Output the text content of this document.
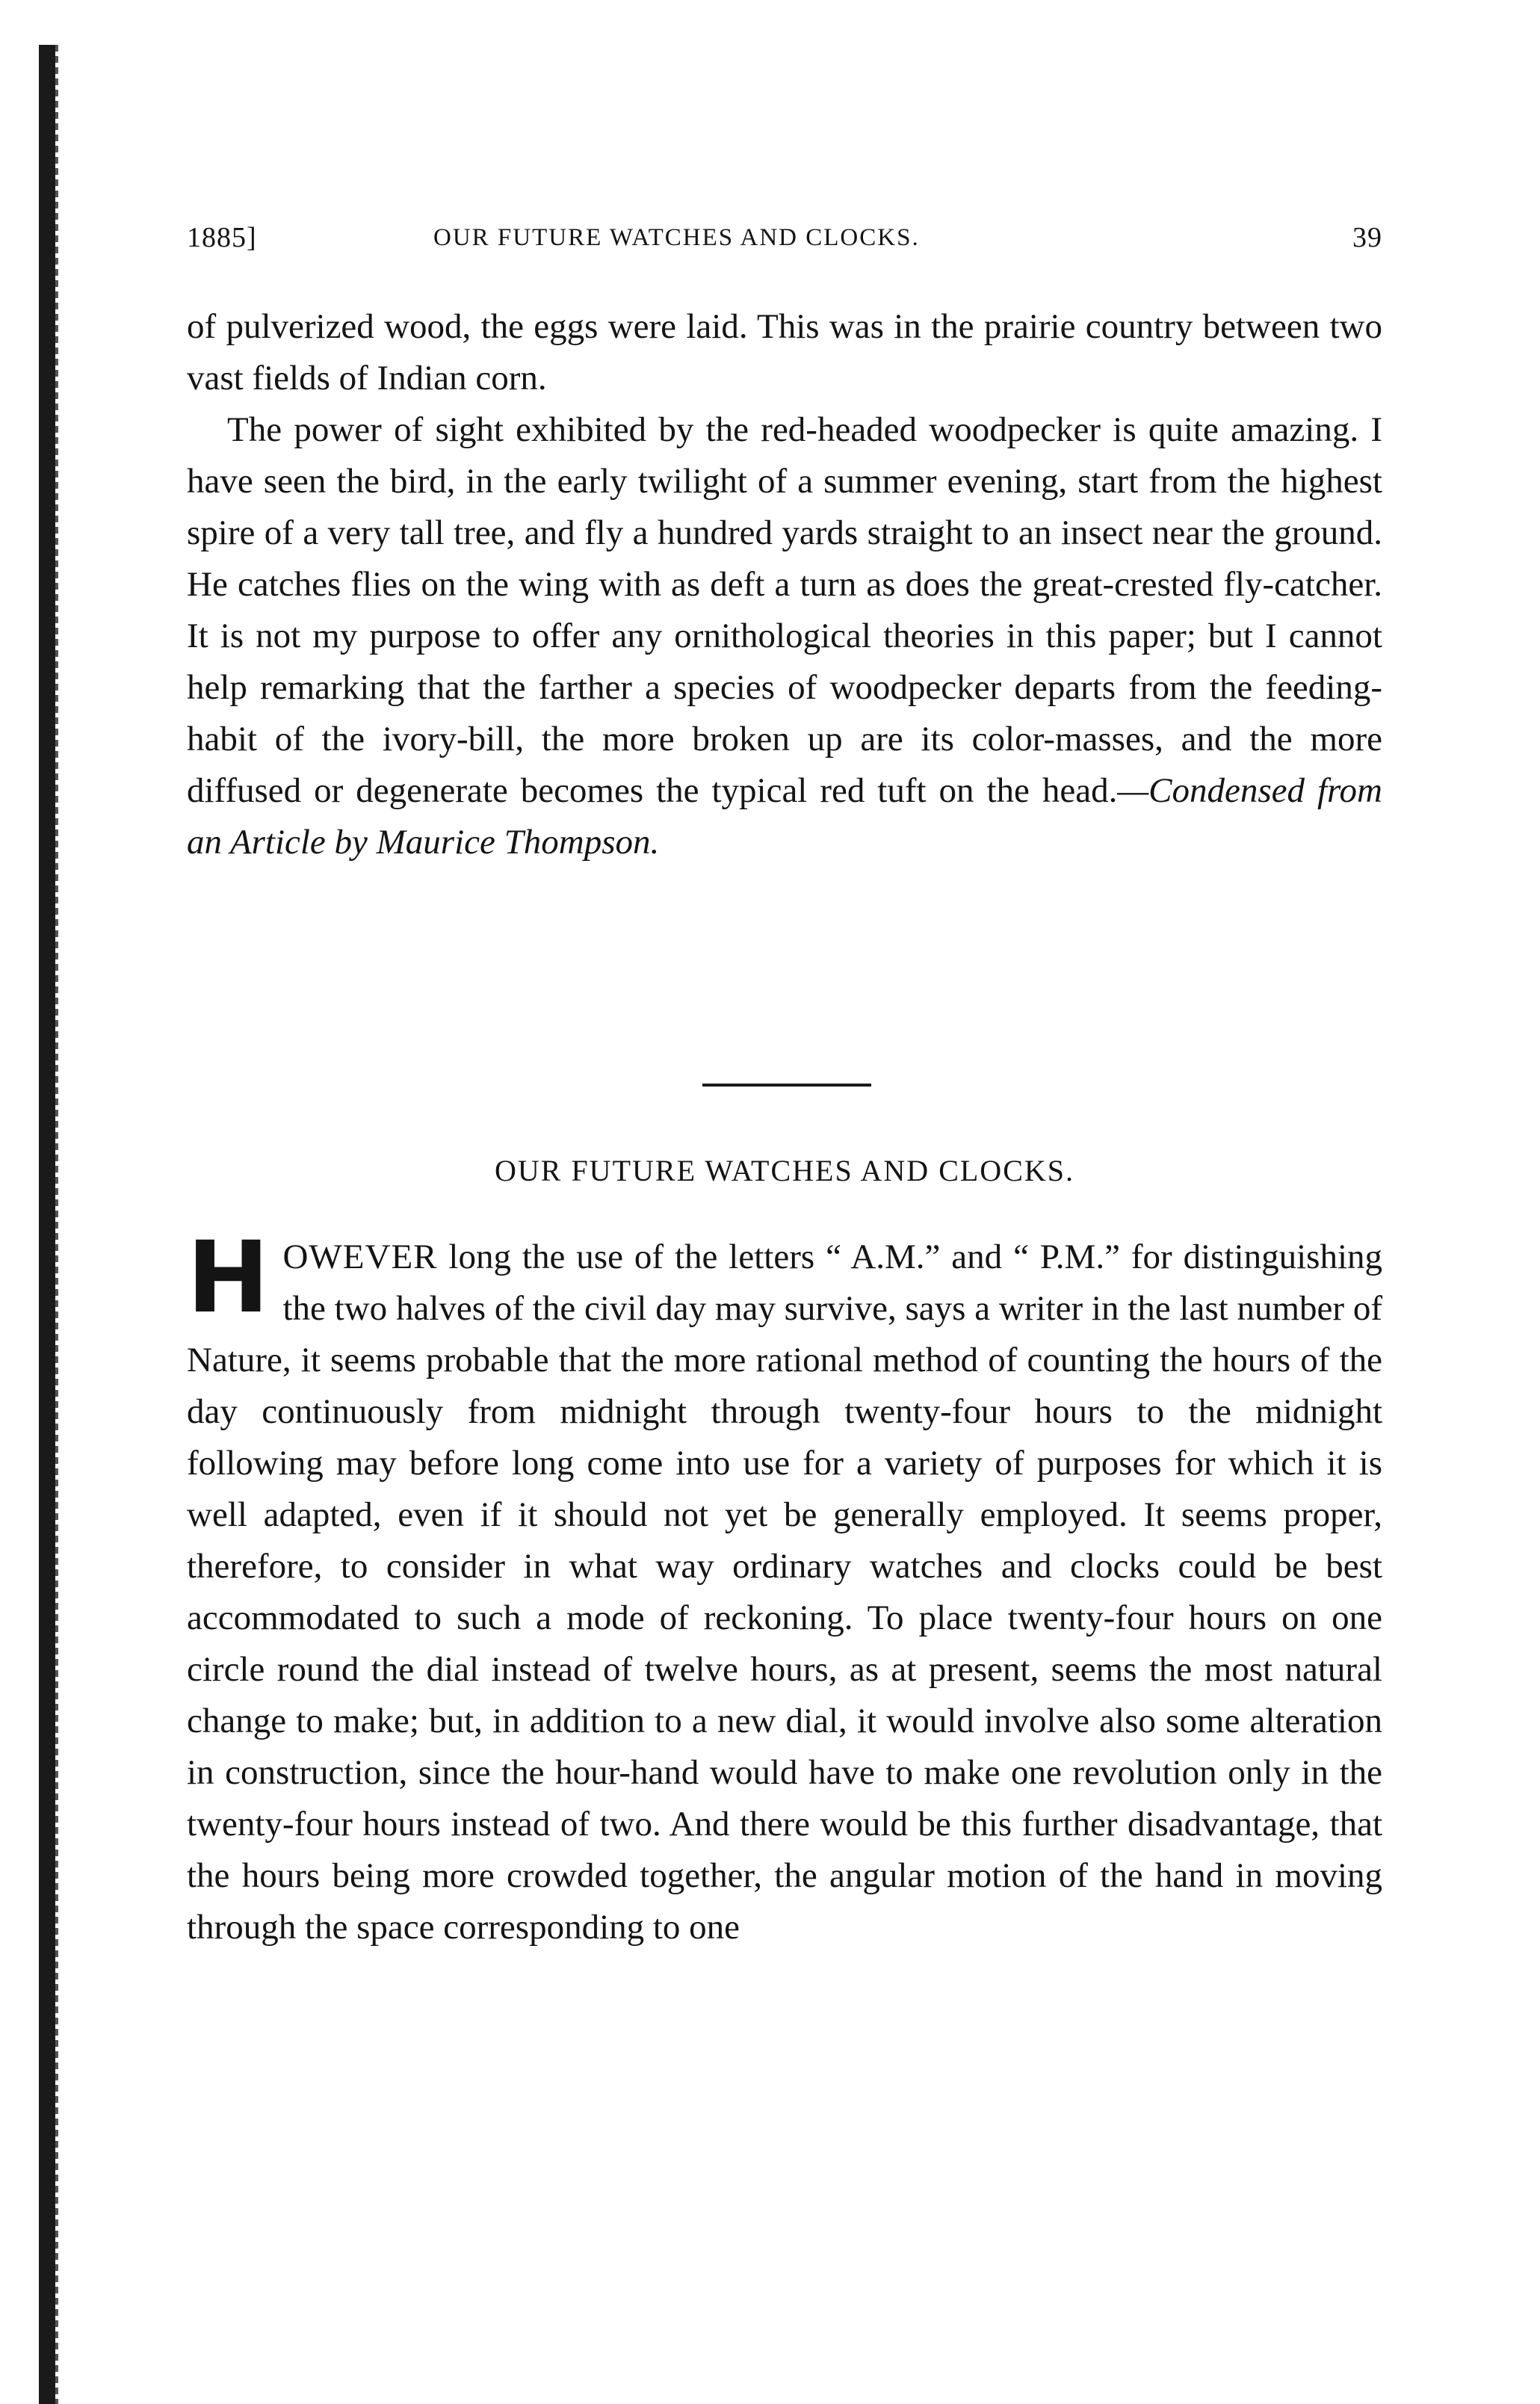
1885]	OUR FUTURE WATCHES AND CLOCKS.	39

of pulverized wood, the eggs were laid. This was in the prairie country between two vast fields of Indian corn.

The power of sight exhibited by the red-headed woodpecker is quite amazing. I have seen the bird, in the early twilight of a summer evening, start from the highest spire of a very tall tree, and fly a hundred yards straight to an insect near the ground. He catches flies on the wing with as deft a turn as does the great-crested fly-catcher. It is not my purpose to offer any ornithological theories in this paper; but I cannot help remarking that the farther a species of woodpecker departs from the feeding-habit of the ivory-bill, the more broken up are its color-masses, and the more diffused or degenerate becomes the typical red tuft on the head.—Condensed from an Article by Maurice Thompson.

OUR FUTURE WATCHES AND CLOCKS.

HOWEVER long the use of the letters “ A.M.” and “ P.M.” for distinguishing the two halves of the civil day may survive, says a writer in the last number of Nature, it seems probable that the more rational method of counting the hours of the day continuously from midnight through twenty-four hours to the midnight following may before long come into use for a variety of purposes for which it is well adapted, even if it should not yet be generally employed. It seems proper, therefore, to consider in what way ordinary watches and clocks could be best accommodated to such a mode of reckoning. To place twenty-four hours on one circle round the dial instead of twelve hours, as at present, seems the most natural change to make; but, in addition to a new dial, it would involve also some alteration in construction, since the hour-hand would have to make one revolution only in the twenty-four hours instead of two. And there would be this further disadvantage, that the hours being more crowded together, the angular motion of the hand in moving through the space corresponding to one
